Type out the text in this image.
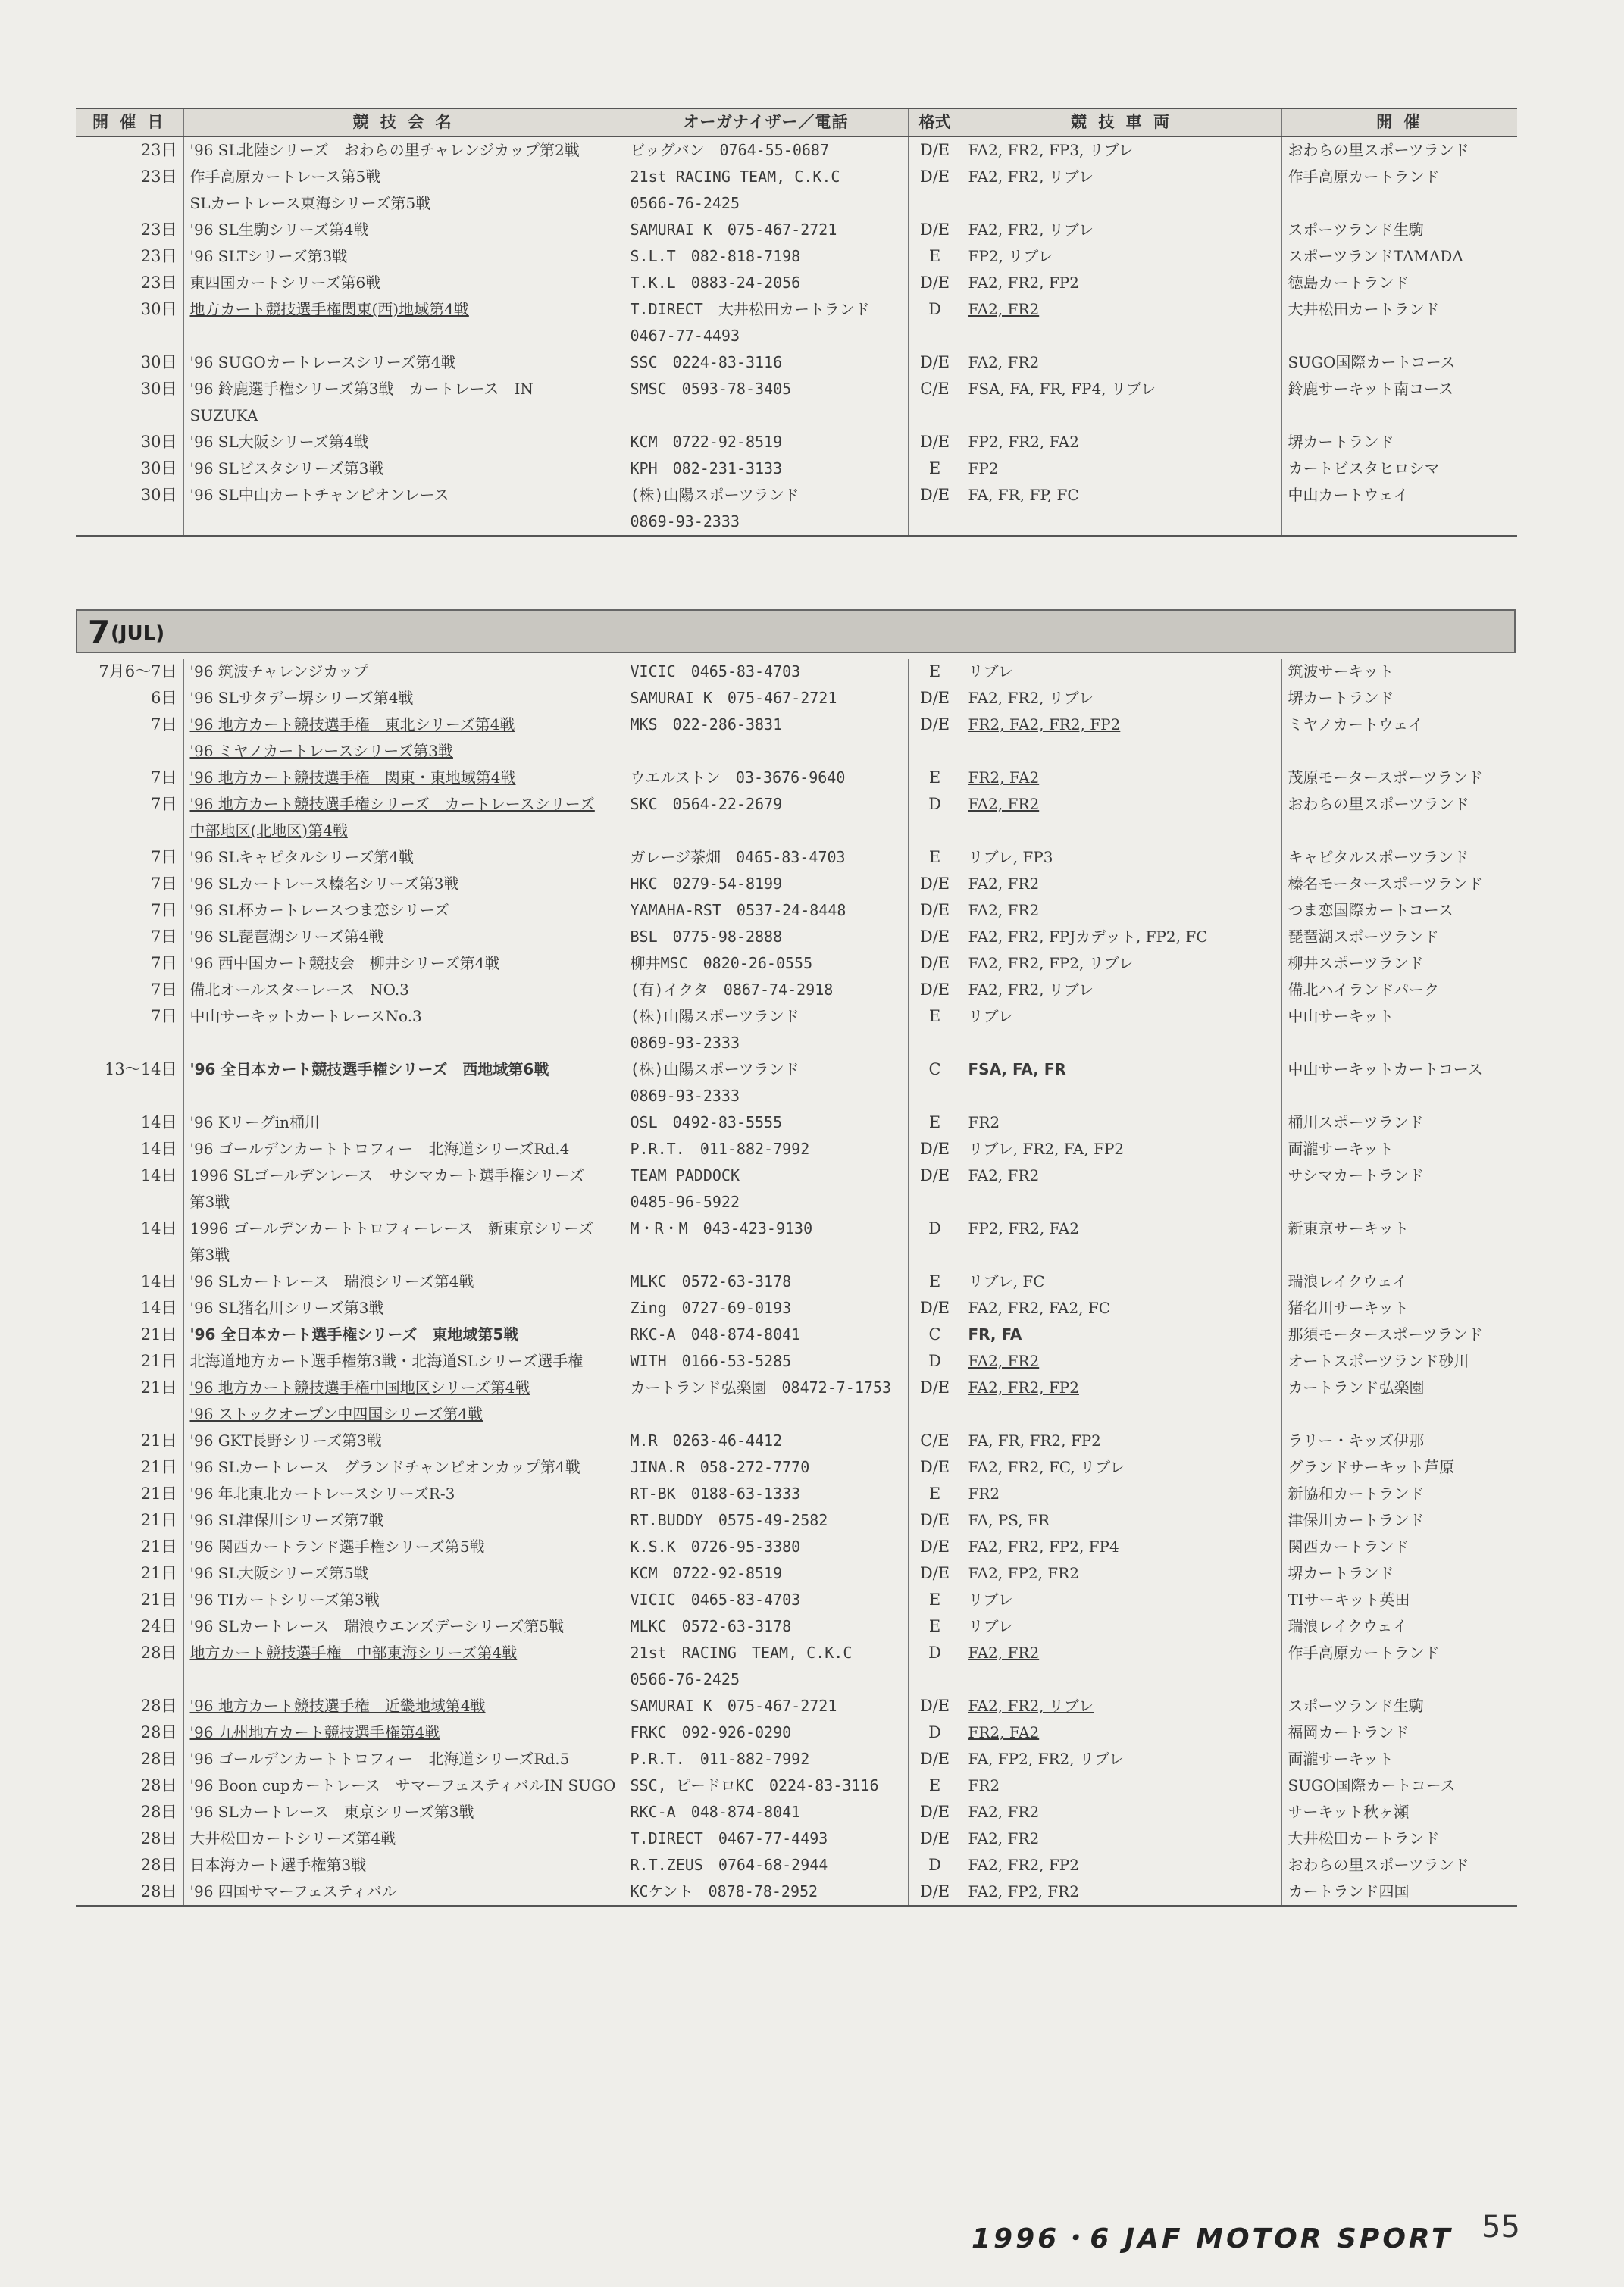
開 催 日	競 技 会 名	オーガナイザー／電話	格式	競 技 車 両	開 催
23日	'96 SL北陸シリーズ　おわらの里チャレンジカップ第2戦	ビッグバン　0764-55-0687	D/E	FA2, FR2, FP3, リブレ	おわらの里スポーツランド
23日	作手高原カートレース第5戦	21st RACING TEAM, C.K.C	D/E	FA2, FR2, リブレ	作手高原カートランド
	SLカートレース東海シリーズ第5戦	0566-76-2425			
23日	'96 SL生駒シリーズ第4戦	SAMURAI K　075-467-2721	D/E	FA2, FR2, リブレ	スポーツランド生駒
23日	'96 SLTシリーズ第3戦	S.L.T　082-818-7198	E	FP2, リブレ	スポーツランドTAMADA
23日	東四国カートシリーズ第6戦	T.K.L　0883-24-2056	D/E	FA2, FR2, FP2	徳島カートランド
30日	地方カート競技選手権関東(西)地域第4戦	T.DIRECT　大井松田カートランド	D	FA2, FR2	大井松田カートランド
		0467-77-4493			
30日	'96 SUGOカートレースシリーズ第4戦	SSC　0224-83-3116	D/E	FA2, FR2	SUGO国際カートコース
30日	'96 鈴鹿選手権シリーズ第3戦　カートレース　IN	SMSC　0593-78-3405	C/E	FSA, FA, FR, FP4, リブレ	鈴鹿サーキット南コース
	SUZUKA				
30日	'96 SL大阪シリーズ第4戦	KCM　0722-92-8519	D/E	FP2, FR2, FA2	堺カートランド
30日	'96 SLビスタシリーズ第3戦	KPH　082-231-3133	E	FP2	カートビスタヒロシマ
30日	'96 SL中山カートチャンピオンレース	(株)山陽スポーツランド	D/E	FA, FR, FP, FC	中山カートウェイ
		0869-93-2333			
7 (JUL)
7月6～7日	'96 筑波チャレンジカップ	VICIC　0465-83-4703	E	リブレ	筑波サーキット
6日	'96 SLサタデー堺シリーズ第4戦	SAMURAI K　075-467-2721	D/E	FA2, FR2, リブレ	堺カートランド
7日	'96 地方カート競技選手権　東北シリーズ第4戦	MKS　022-286-3831	D/E	FR2, FA2, FR2, FP2	ミヤノカートウェイ
	'96 ミヤノカートレースシリーズ第3戦				
7日	'96 地方カート競技選手権　関東・東地域第4戦	ウエルストン　03-3676-9640	E	FR2, FA2	茂原モータースポーツランド
7日	'96 地方カート競技選手権シリーズ　カートレースシリーズ	SKC　0564-22-2679	D	FA2, FR2	おわらの里スポーツランド
	中部地区(北地区)第4戦				
7日	'96 SLキャピタルシリーズ第4戦	ガレージ茶畑　0465-83-4703	E	リブレ, FP3	キャピタルスポーツランド
7日	'96 SLカートレース榛名シリーズ第3戦	HKC　0279-54-8199	D/E	FA2, FR2	榛名モータースポーツランド
7日	'96 SL杯カートレースつま恋シリーズ	YAMAHA-RST　0537-24-8448	D/E	FA2, FR2	つま恋国際カートコース
7日	'96 SL琵琶湖シリーズ第4戦	BSL　0775-98-2888	D/E	FA2, FR2, FPJカデット, FP2, FC	琵琶湖スポーツランド
7日	'96 西中国カート競技会　柳井シリーズ第4戦	柳井MSC　0820-26-0555	D/E	FA2, FR2, FP2, リブレ	柳井スポーツランド
7日	備北オールスターレース　NO.3	(有)イクタ　0867-74-2918	D/E	FA2, FR2, リブレ	備北ハイランドパーク
7日	中山サーキットカートレースNo.3	(株)山陽スポーツランド	E	リブレ	中山サーキット
		0869-93-2333			
13～14日	'96 全日本カート競技選手権シリーズ　西地域第6戦	(株)山陽スポーツランド	C	FSA, FA, FR	中山サーキットカートコース
		0869-93-2333			
14日	'96 Kリーグin桶川	OSL　0492-83-5555	E	FR2	桶川スポーツランド
14日	'96 ゴールデンカートトロフィー　北海道シリーズRd.4	P.R.T.　011-882-7992	D/E	リブレ, FR2, FA, FP2	両瀧サーキット
14日	1996 SLゴールデンレース　サシマカート選手権シリーズ	TEAM PADDOCK	D/E	FA2, FR2	サシマカートランド
	第3戦	0485-96-5922			
14日	1996 ゴールデンカートトロフィーレース　新東京シリーズ	M・R・M　043-423-9130	D	FP2, FR2, FA2	新東京サーキット
	第3戦				
14日	'96 SLカートレース　瑞浪シリーズ第4戦	MLKC　0572-63-3178	E	リブレ, FC	瑞浪レイクウェイ
14日	'96 SL猪名川シリーズ第3戦	Zing　0727-69-0193	D/E	FA2, FR2, FA2, FC	猪名川サーキット
21日	'96 全日本カート選手権シリーズ　東地域第5戦	RKC-A　048-874-8041	C	FR, FA	那須モータースポーツランド
21日	北海道地方カート選手権第3戦・北海道SLシリーズ選手権	WITH　0166-53-5285	D	FA2, FR2	オートスポーツランド砂川
21日	'96 地方カート競技選手権中国地区シリーズ第4戦	カートランド弘楽園　08472-7-1753	D/E	FA2, FR2, FP2	カートランド弘楽園
	'96 ストックオープン中四国シリーズ第4戦				
21日	'96 GKT長野シリーズ第3戦	M.R　0263-46-4412	C/E	FA, FR, FR2, FP2	ラリー・キッズ伊那
21日	'96 SLカートレース　グランドチャンピオンカップ第4戦	JINA.R　058-272-7770	D/E	FA2, FR2, FC, リブレ	グランドサーキット芦原
21日	'96 年北東北カートレースシリーズR-3	RT-BK　0188-63-1333	E	FR2	新協和カートランド
21日	'96 SL津保川シリーズ第7戦	RT.BUDDY　0575-49-2582	D/E	FA, PS, FR	津保川カートランド
21日	'96 関西カートランド選手権シリーズ第5戦	K.S.K　0726-95-3380	D/E	FA2, FR2, FP2, FP4	関西カートランド
21日	'96 SL大阪シリーズ第5戦	KCM　0722-92-8519	D/E	FA2, FP2, FR2	堺カートランド
21日	'96 TIカートシリーズ第3戦	VICIC　0465-83-4703	E	リブレ	TIサーキット英田
24日	'96 SLカートレース　瑞浪ウエンズデーシリーズ第5戦	MLKC　0572-63-3178	E	リブレ	瑞浪レイクウェイ
28日	地方カート競技選手権　中部東海シリーズ第4戦	21st　RACING　TEAM, C.K.C	D	FA2, FR2	作手高原カートランド
		0566-76-2425			
28日	'96 地方カート競技選手権　近畿地域第4戦	SAMURAI K　075-467-2721	D/E	FA2, FR2, リブレ	スポーツランド生駒
28日	'96 九州地方カート競技選手権第4戦	FRKC　092-926-0290	D	FR2, FA2	福岡カートランド
28日	'96 ゴールデンカートトロフィー　北海道シリーズRd.5	P.R.T.　011-882-7992	D/E	FA, FP2, FR2, リブレ	両瀧サーキット
28日	'96 Boon cupカートレース　サマーフェスティバルIN SUGO	SSC, ピードロKC　0224-83-3116	E	FR2	SUGO国際カートコース
28日	'96 SLカートレース　東京シリーズ第3戦	RKC-A　048-874-8041	D/E	FA2, FR2	サーキット秋ヶ瀬
28日	大井松田カートシリーズ第4戦	T.DIRECT　0467-77-4493	D/E	FA2, FR2	大井松田カートランド
28日	日本海カート選手権第3戦	R.T.ZEUS　0764-68-2944	D	FA2, FR2, FP2	おわらの里スポーツランド
28日	'96 四国サマーフェスティバル	KCケント　0878-78-2952	D/E	FA2, FP2, FR2	カートランド四国
1996・6 JAF MOTOR SPORT 55
